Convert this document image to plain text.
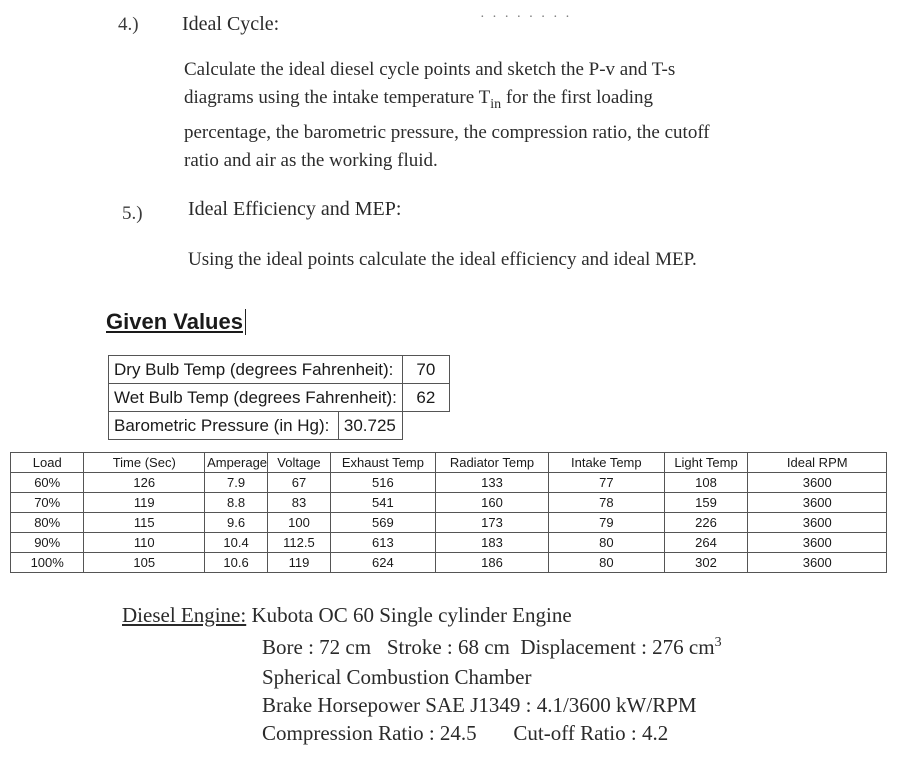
· · · · · · · ·
4.) Ideal Cycle:
Calculate the ideal diesel cycle points and sketch the P-v and T-s
diagrams using the intake temperature $T_{in}$ for the first loading
percentage, the barometric pressure, the compression ratio, the cutoff
ratio and air as the working fluid.
5.) Ideal Efficiency and MEP:
Using the ideal points calculate the ideal efficiency and ideal MEP.
Given Values
Dry Bulb Temp (degrees Fahrenheit):	70
Wet Bulb Temp (degrees Fahrenheit):	62

Barometric Pressure (in Hg):	30.725

Load	Time (Sec)	Amperage	Voltage	Exhaust Temp	Radiator Temp	Intake Temp	Light Temp	Ideal RPM
60%	126	7.9	67	516	133	77	108	3600
70%	119	8.8	83	541	160	78	159	3600
80%	115	9.6	100	569	173	79	226	3600
90%	110	10.4	112.5	613	183	80	264	3600
100%	105	10.6	119	624	186	80	302	3600
Diesel Engine: Kubota OC 60 Single cylinder Engine
Bore : 72 cm Stroke : 68 cm Displacement : 276 $cm^3$
Spherical Combustion Chamber
Brake Horsepower SAE J1349 : 4.1/3600 kW/RPM
Compression Ratio : 24.5 Cut-off Ratio : 4.2
